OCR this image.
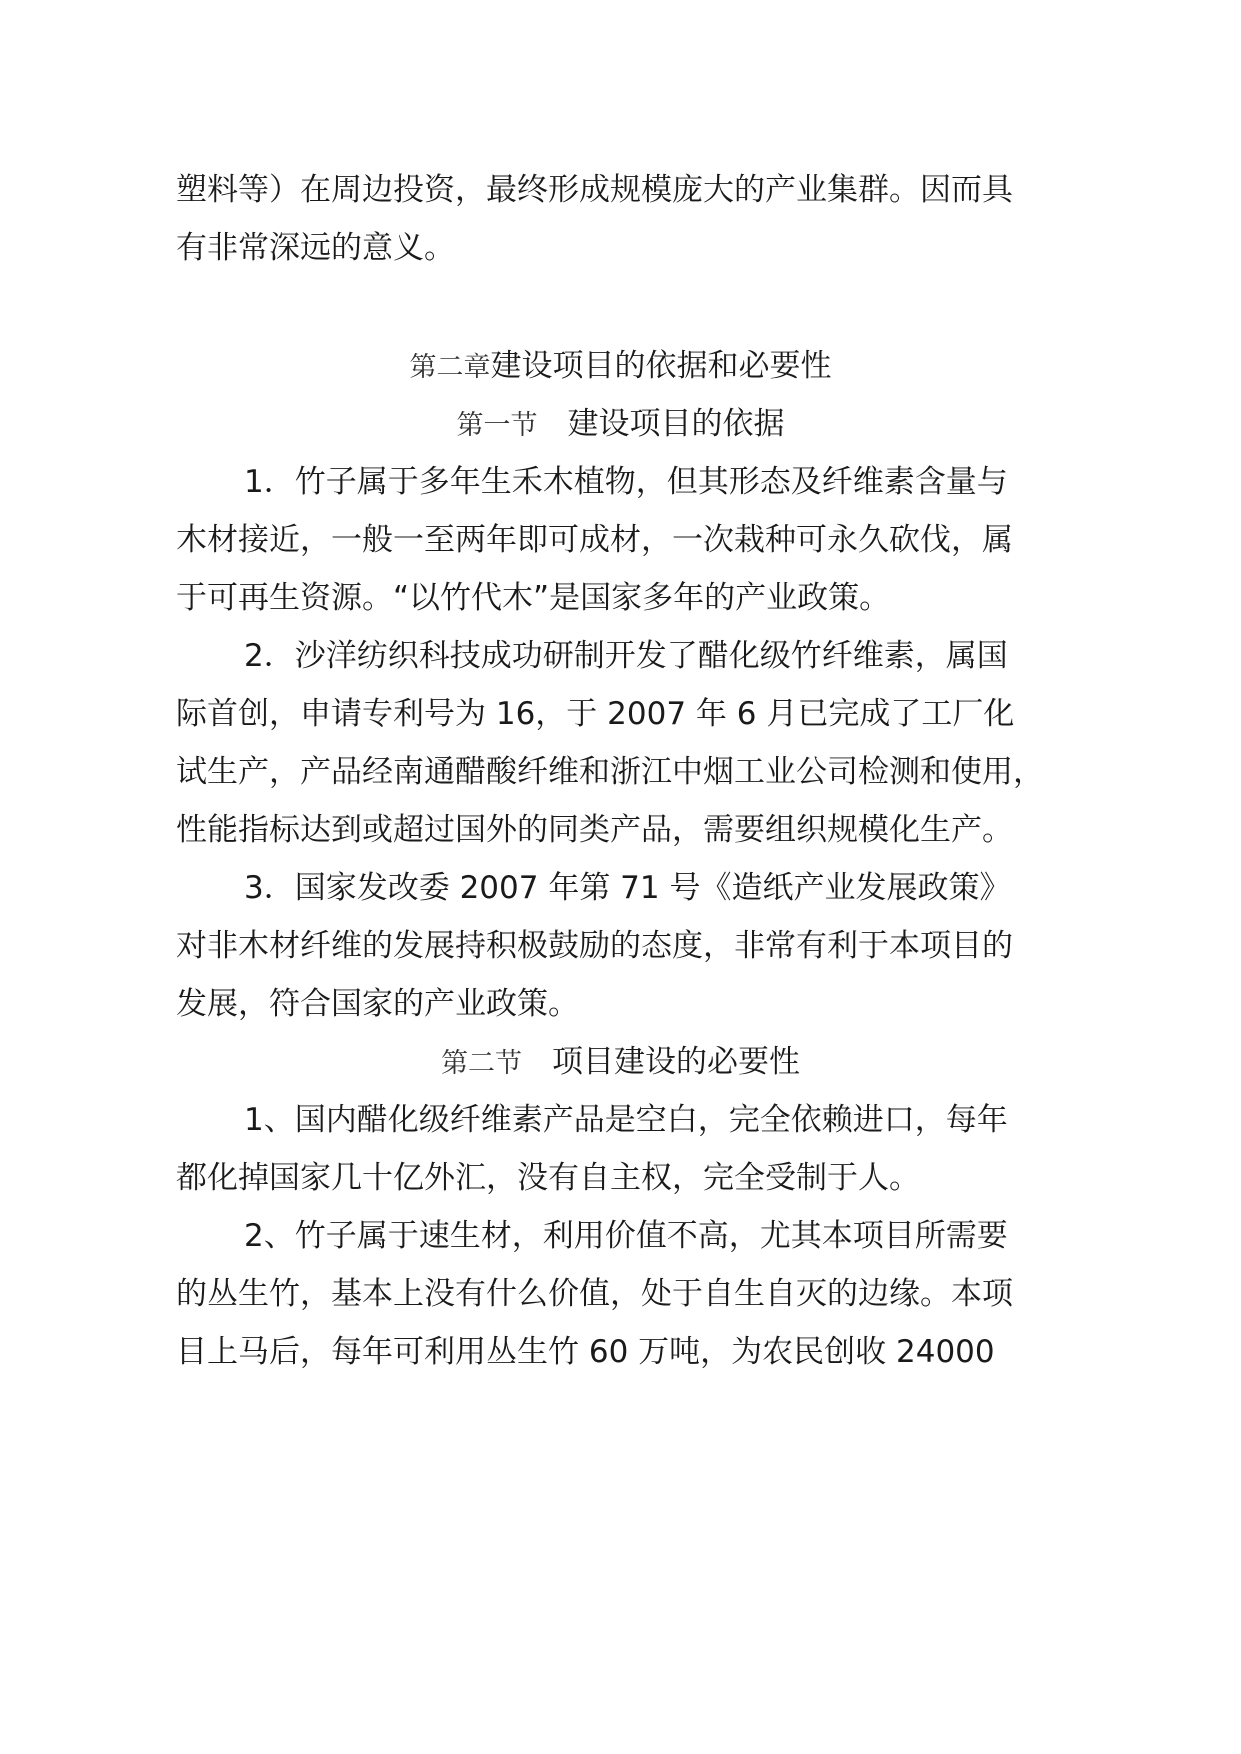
塑料等）在周边投资，最终形成规模庞大的产业集群。因而具
有非常深远的意义。
第二章建设项目的依据和必要性
第一节 建设项目的依据
1．竹子属于多年生禾木植物，但其形态及纤维素含量与
木材接近，一般一至两年即可成材，一次栽种可永久砍伐，属
于可再生资源。“以竹代木”是国家多年的产业政策。
2．沙洋纺织科技成功研制开发了醋化级竹纤维素，属国
际首创，申请专利号为 16，于 2007 年 6 月已完成了工厂化
试生产，产品经南通醋酸纤维和浙江中烟工业公司检测和使用，
性能指标达到或超过国外的同类产品，需要组织规模化生产。
3．国家发改委 2007 年第 71 号《造纸产业发展政策》
对非木材纤维的发展持积极鼓励的态度，非常有利于本项目的
发展，符合国家的产业政策。
第二节 项目建设的必要性
1、国内醋化级纤维素产品是空白，完全依赖进口，每年
都化掉国家几十亿外汇，没有自主权，完全受制于人。
2、竹子属于速生材，利用价值不高，尤其本项目所需要
的丛生竹，基本上没有什么价值，处于自生自灭的边缘。本项
目上马后，每年可利用丛生竹 60 万吨，为农民创收 24000
